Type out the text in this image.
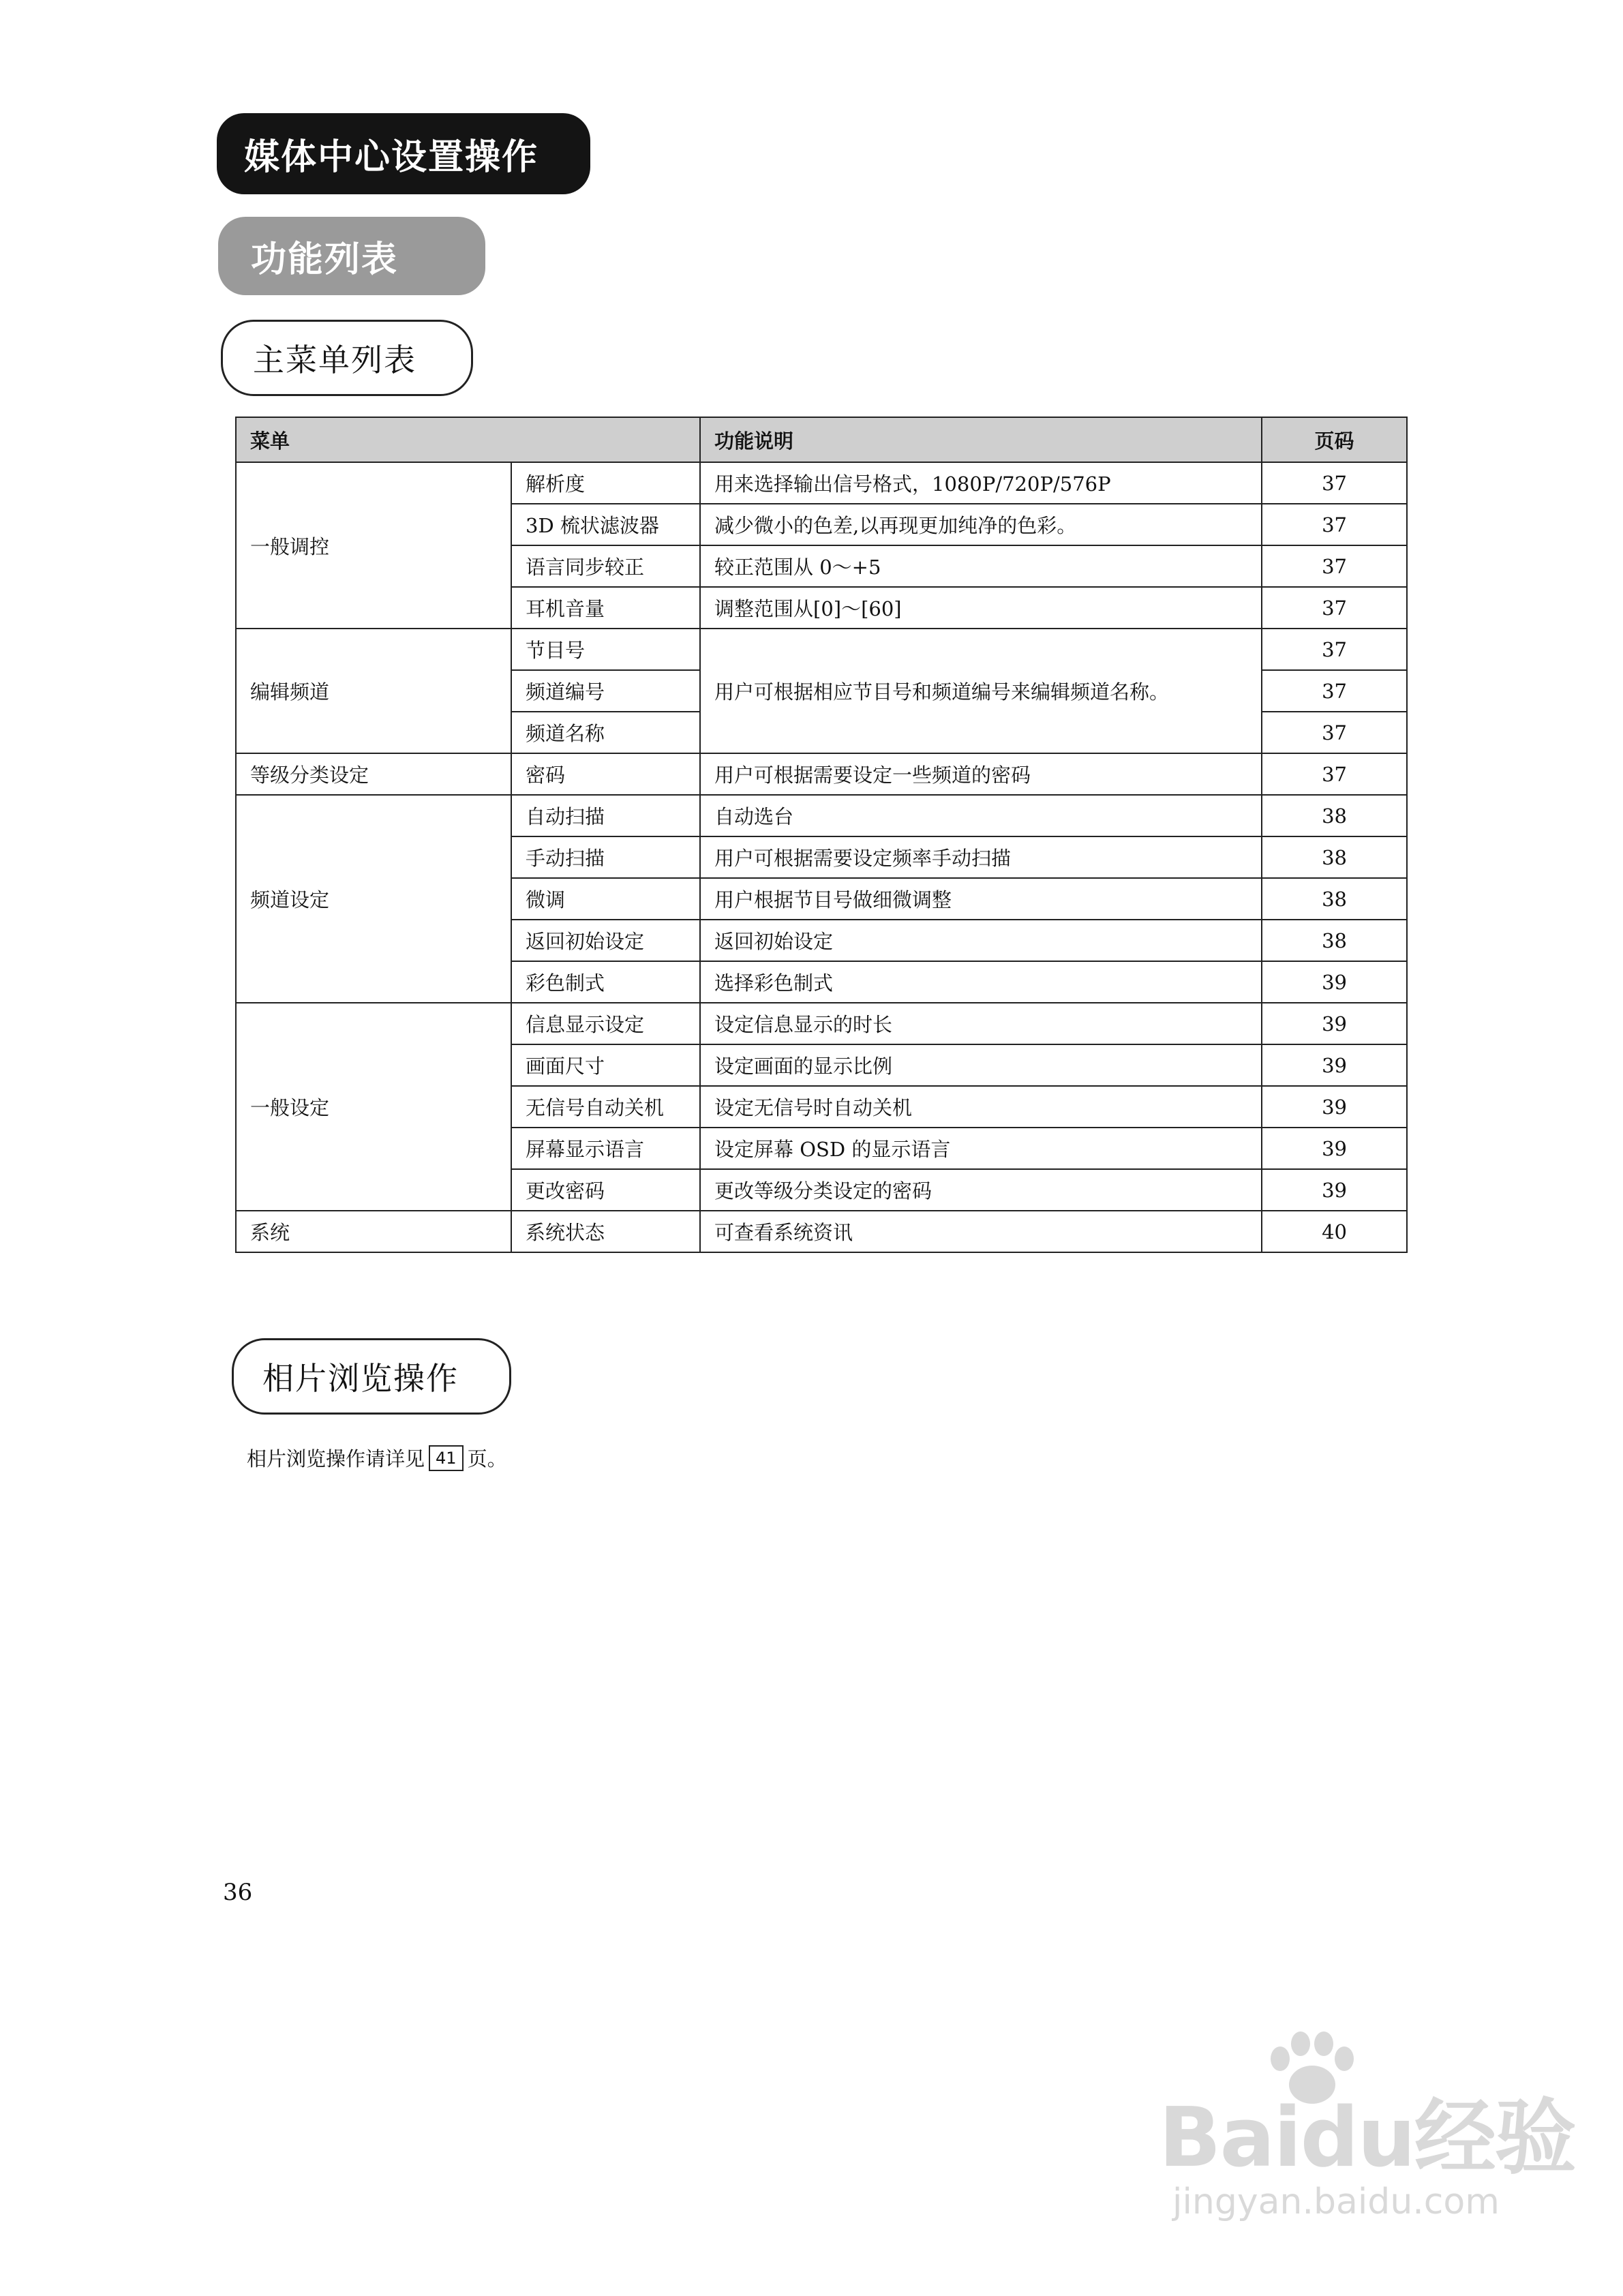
媒体中心设置操作
功能列表
主菜单列表
菜单		功能说明	页码
一般调控	解析度	用来选择输出信号格式，1080P/720P/576P	37
	3D 梳状滤波器	减少微小的色差,以再现更加纯净的色彩。	37
	语言同步较正	较正范围从 0～+5	37
	耳机音量	调整范围从[0]～[60]	37
编辑频道	节目号	用户可根据相应节目号和频道编号来编辑频道名称。	37
	频道编号		37
	频道名称		37
等级分类设定	密码	用户可根据需要设定一些频道的密码	37
频道设定	自动扫描	自动选台	38
	手动扫描	用户可根据需要设定频率手动扫描	38
	微调	用户根据节目号做细微调整	38
	返回初始设定	返回初始设定	38
	彩色制式	选择彩色制式	39
一般设定	信息显示设定	设定信息显示的时长	39
	画面尺寸	设定画面的显示比例	39
	无信号自动关机	设定无信号时自动关机	39
	屏幕显示语言	设定屏幕 OSD 的显示语言	39
	更改密码	更改等级分类设定的密码	39
系统	系统状态	可查看系统资讯	40
相片浏览操作
相片浏览操作请详见 41 页。
36
Baidu经验
jingyan.baidu.com
